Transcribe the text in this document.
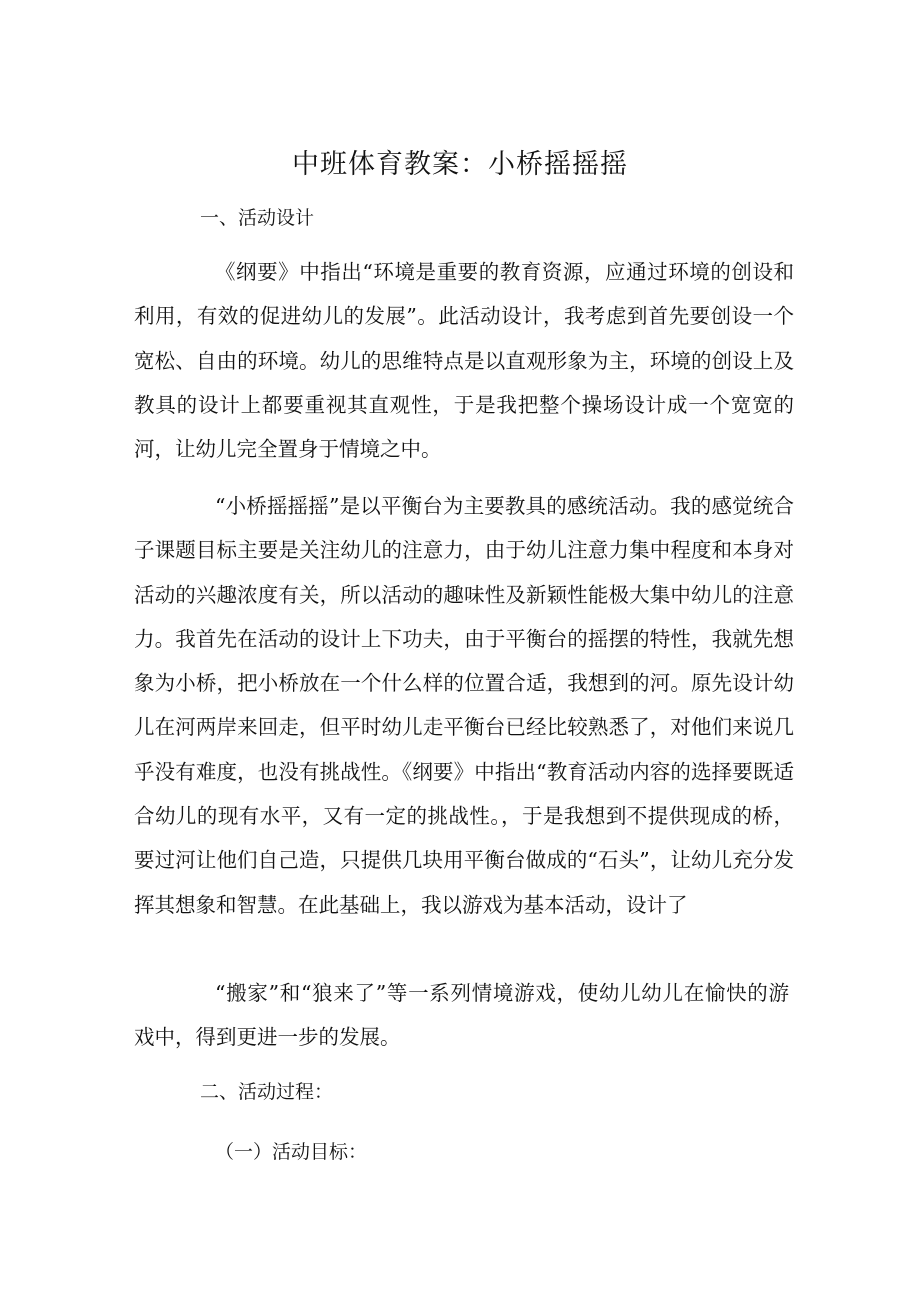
中班体育教案：小桥摇摇摇
一、活动设计
《纲要》中指出“环境是重要的教育资源，应通过环境的创设和利用，有效的促进幼儿的发展”。此活动设计，我考虑到首先要创设一个宽松、自由的环境。幼儿的思维特点是以直观形象为主，环境的创设上及教具的设计上都要重视其直观性，于是我把整个操场设计成一个宽宽的河，让幼儿完全置身于情境之中。
“小桥摇摇摇”是以平衡台为主要教具的感统活动。我的感觉统合子课题目标主要是关注幼儿的注意力，由于幼儿注意力集中程度和本身对活动的兴趣浓度有关，所以活动的趣味性及新颖性能极大集中幼儿的注意力。我首先在活动的设计上下功夫，由于平衡台的摇摆的特性，我就先想象为小桥，把小桥放在一个什么样的位置合适，我想到的河。原先设计幼儿在河两岸来回走，但平时幼儿走平衡台已经比较熟悉了，对他们来说几乎没有难度，也没有挑战性。《纲要》中指出“教育活动内容的选择要既适合幼儿的现有水平，又有一定的挑战性。，于是我想到不提供现成的桥，要过河让他们自己造，只提供几块用平衡台做成的“石头”，让幼儿充分发挥其想象和智慧。在此基础上，我以游戏为基本活动，设计了
“搬家”和“狼来了”等一系列情境游戏，使幼儿幼儿在愉快的游戏中，得到更进一步的发展。
二、活动过程：
（一）活动目标：
